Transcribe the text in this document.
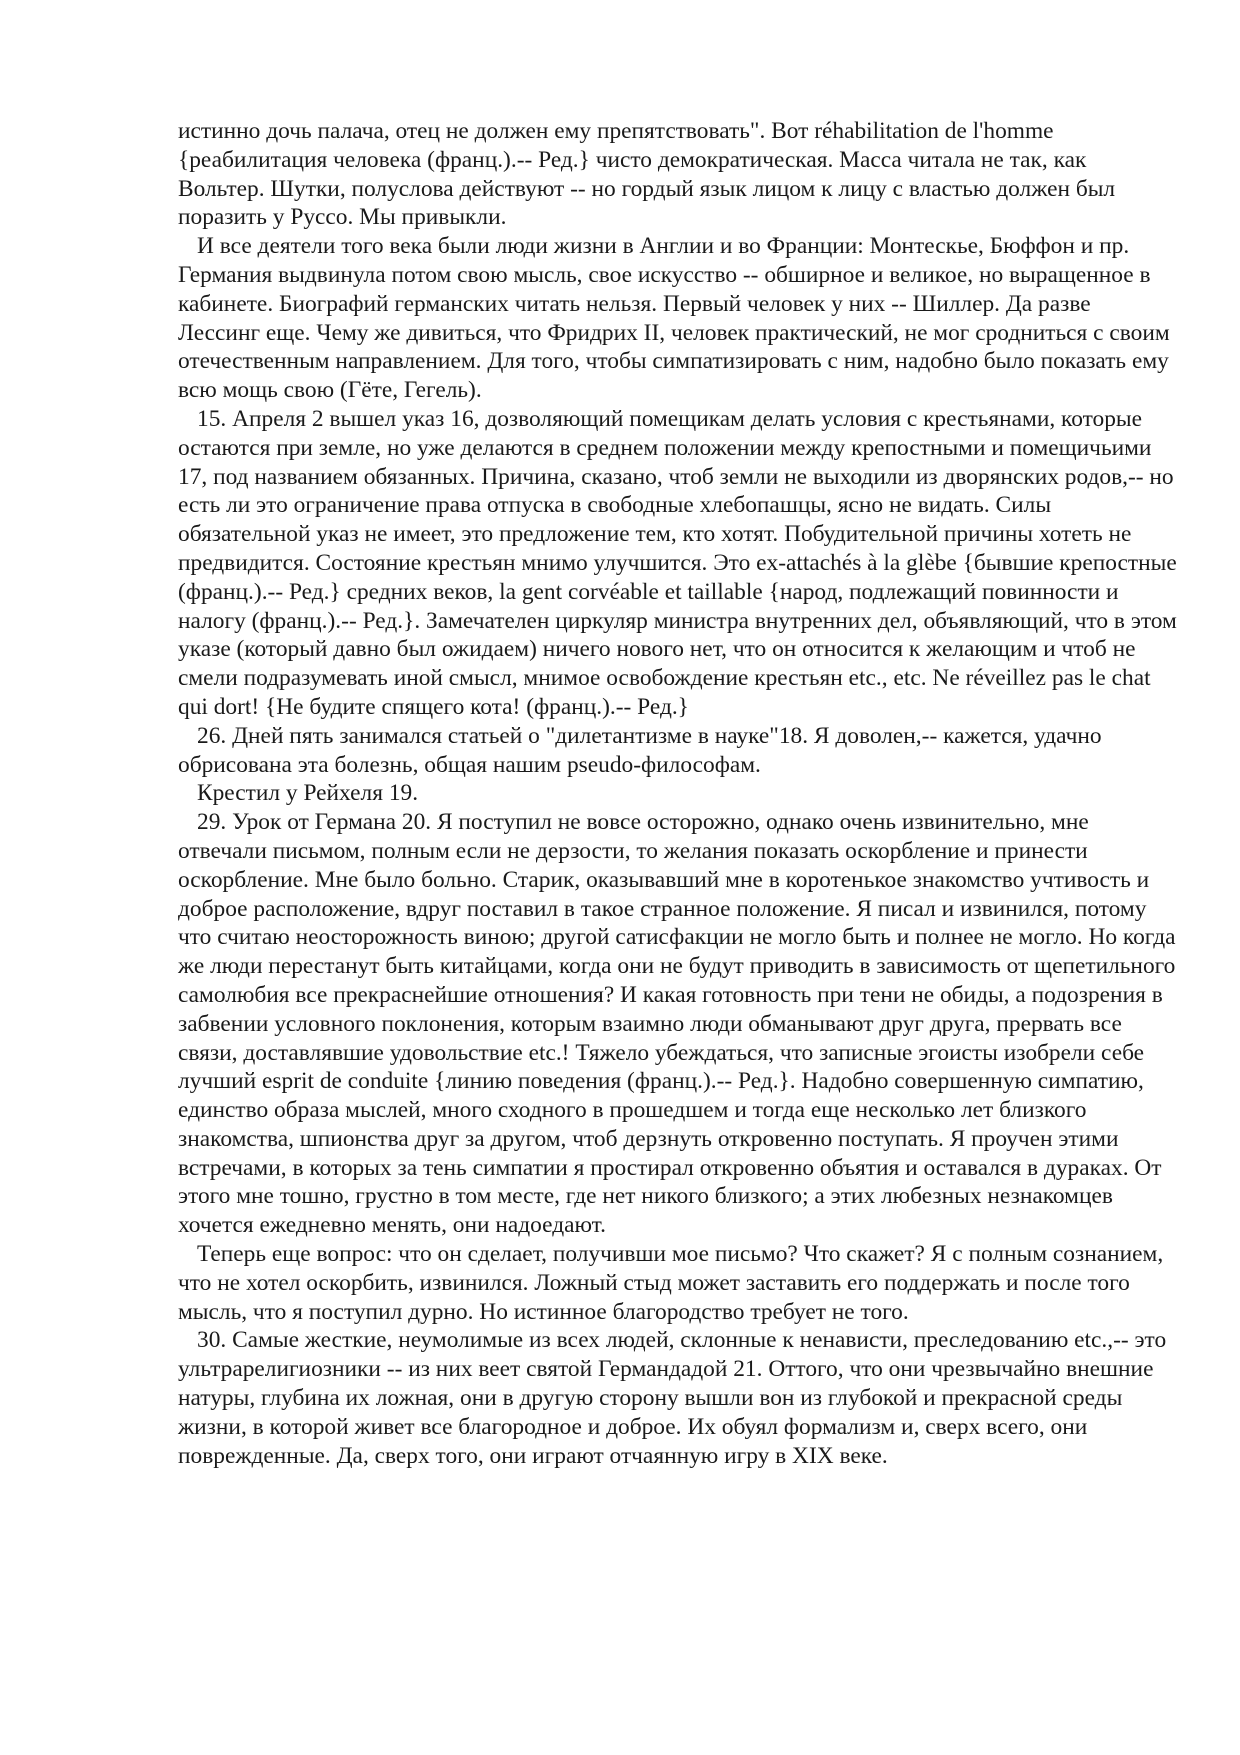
истинно дочь палача, отец не должен ему препятствовать". Вот réhabilitation de l'homme {реабилитация человека (франц.).-- Ред.} чисто демократическая. Масса читала не так, как Вольтер. Шутки, полуслова действуют -- но гордый язык лицом к лицу с властью должен был поразить у Руссо. Мы привыкли.

И все деятели того века были люди жизни в Англии и во Франции: Монтескье, Бюффон и пр. Германия выдвинула потом свою мысль, свое искусство -- обширное и великое, но выращенное в кабинете. Биографий германских читать нельзя. Первый человек у них -- Шиллер. Да разве Лессинг еще. Чему же дивиться, что Фридрих II, человек практический, не мог сродниться с своим отечественным направлением. Для того, чтобы симпатизировать с ним, надобно было показать ему всю мощь свою (Гёте, Гегель).

15. Апреля 2 вышел указ 16, дозволяющий помещикам делать условия с крестьянами, которые остаются при земле, но уже делаются в среднем положении между крепостными и помещичьими 17, под названием обязанных. Причина, сказано, чтоб земли не выходили из дворянских родов,-- но есть ли это ограничение права отпуска в свободные хлебопашцы, ясно не видать. Силы обязательной указ не имеет, это предложение тем, кто хотят. Побудительной причины хотеть не предвидится. Состояние крестьян мнимо улучшится. Это ex-attachés à la glèbe {бывшие крепостные (франц.).-- Ред.} средних веков, la gent corvéable et taillable {народ, подлежащий повинности и налогу (франц.).-- Ред.}. Замечателен циркуляр министра внутренних дел, объявляющий, что в этом указе (который давно был ожидаем) ничего нового нет, что он относится к желающим и чтоб не смели подразумевать иной смысл, мнимое освобождение крестьян etc., etc. Ne réveillez pas le chat qui dort! {Не будите спящего кота! (франц.).-- Ред.}

26. Дней пять занимался статьей о "дилетантизме в науке"18. Я доволен,-- кажется, удачно обрисована эта болезнь, общая нашим pseudo-философам.

Крестил у Рейхеля 19.

29. Урок от Германа 20. Я поступил не вовсе осторожно, однако очень извинительно, мне отвечали письмом, полным если не дерзости, то желания показать оскорбление и принести оскорбление. Мне было больно. Старик, оказывавший мне в коротенькое знакомство учтивость и доброе расположение, вдруг поставил в такое странное положение. Я писал и извинился, потому что считаю неосторожность виною; другой сатисфакции не могло быть и полнее не могло. Но когда же люди перестанут быть китайцами, когда они не будут приводить в зависимость от щепетильного самолюбия все прекраснейшие отношения? И какая готовность при тени не обиды, а подозрения в забвении условного поклонения, которым взаимно люди обманывают друг друга, прервать все связи, доставлявшие удовольствие etc.! Тяжело убеждаться, что записные эгоисты изобрели себе лучший esprit de conduite {линию поведения (франц.).-- Ред.}. Надобно совершенную симпатию, единство образа мыслей, много сходного в прошедшем и тогда еще несколько лет близкого знакомства, шпионства друг за другом, чтоб дерзнуть откровенно поступать. Я проучен этими встречами, в которых за тень симпатии я простирал откровенно объятия и оставался в дураках. От этого мне тошно, грустно в том месте, где нет никого близкого; а этих любезных незнакомцев хочется ежедневно менять, они надоедают.

Теперь еще вопрос: что он сделает, получивши мое письмо? Что скажет? Я с полным сознанием, что не хотел оскорбить, извинился. Ложный стыд может заставить его поддержать и после того мысль, что я поступил дурно. Но истинное благородство требует не того.

30. Самые жесткие, неумолимые из всех людей, склонные к ненависти, преследованию etc.,-- это ультрарелигиозники -- из них веет святой Германдадой 21. Оттого, что они чрезвычайно внешние натуры, глубина их ложная, они в другую сторону вышли вон из глубокой и прекрасной среды жизни, в которой живет все благородное и доброе. Их обуял формализм и, сверх всего, они поврежденные. Да, сверх того, они играют отчаянную игру в XIX веке.
